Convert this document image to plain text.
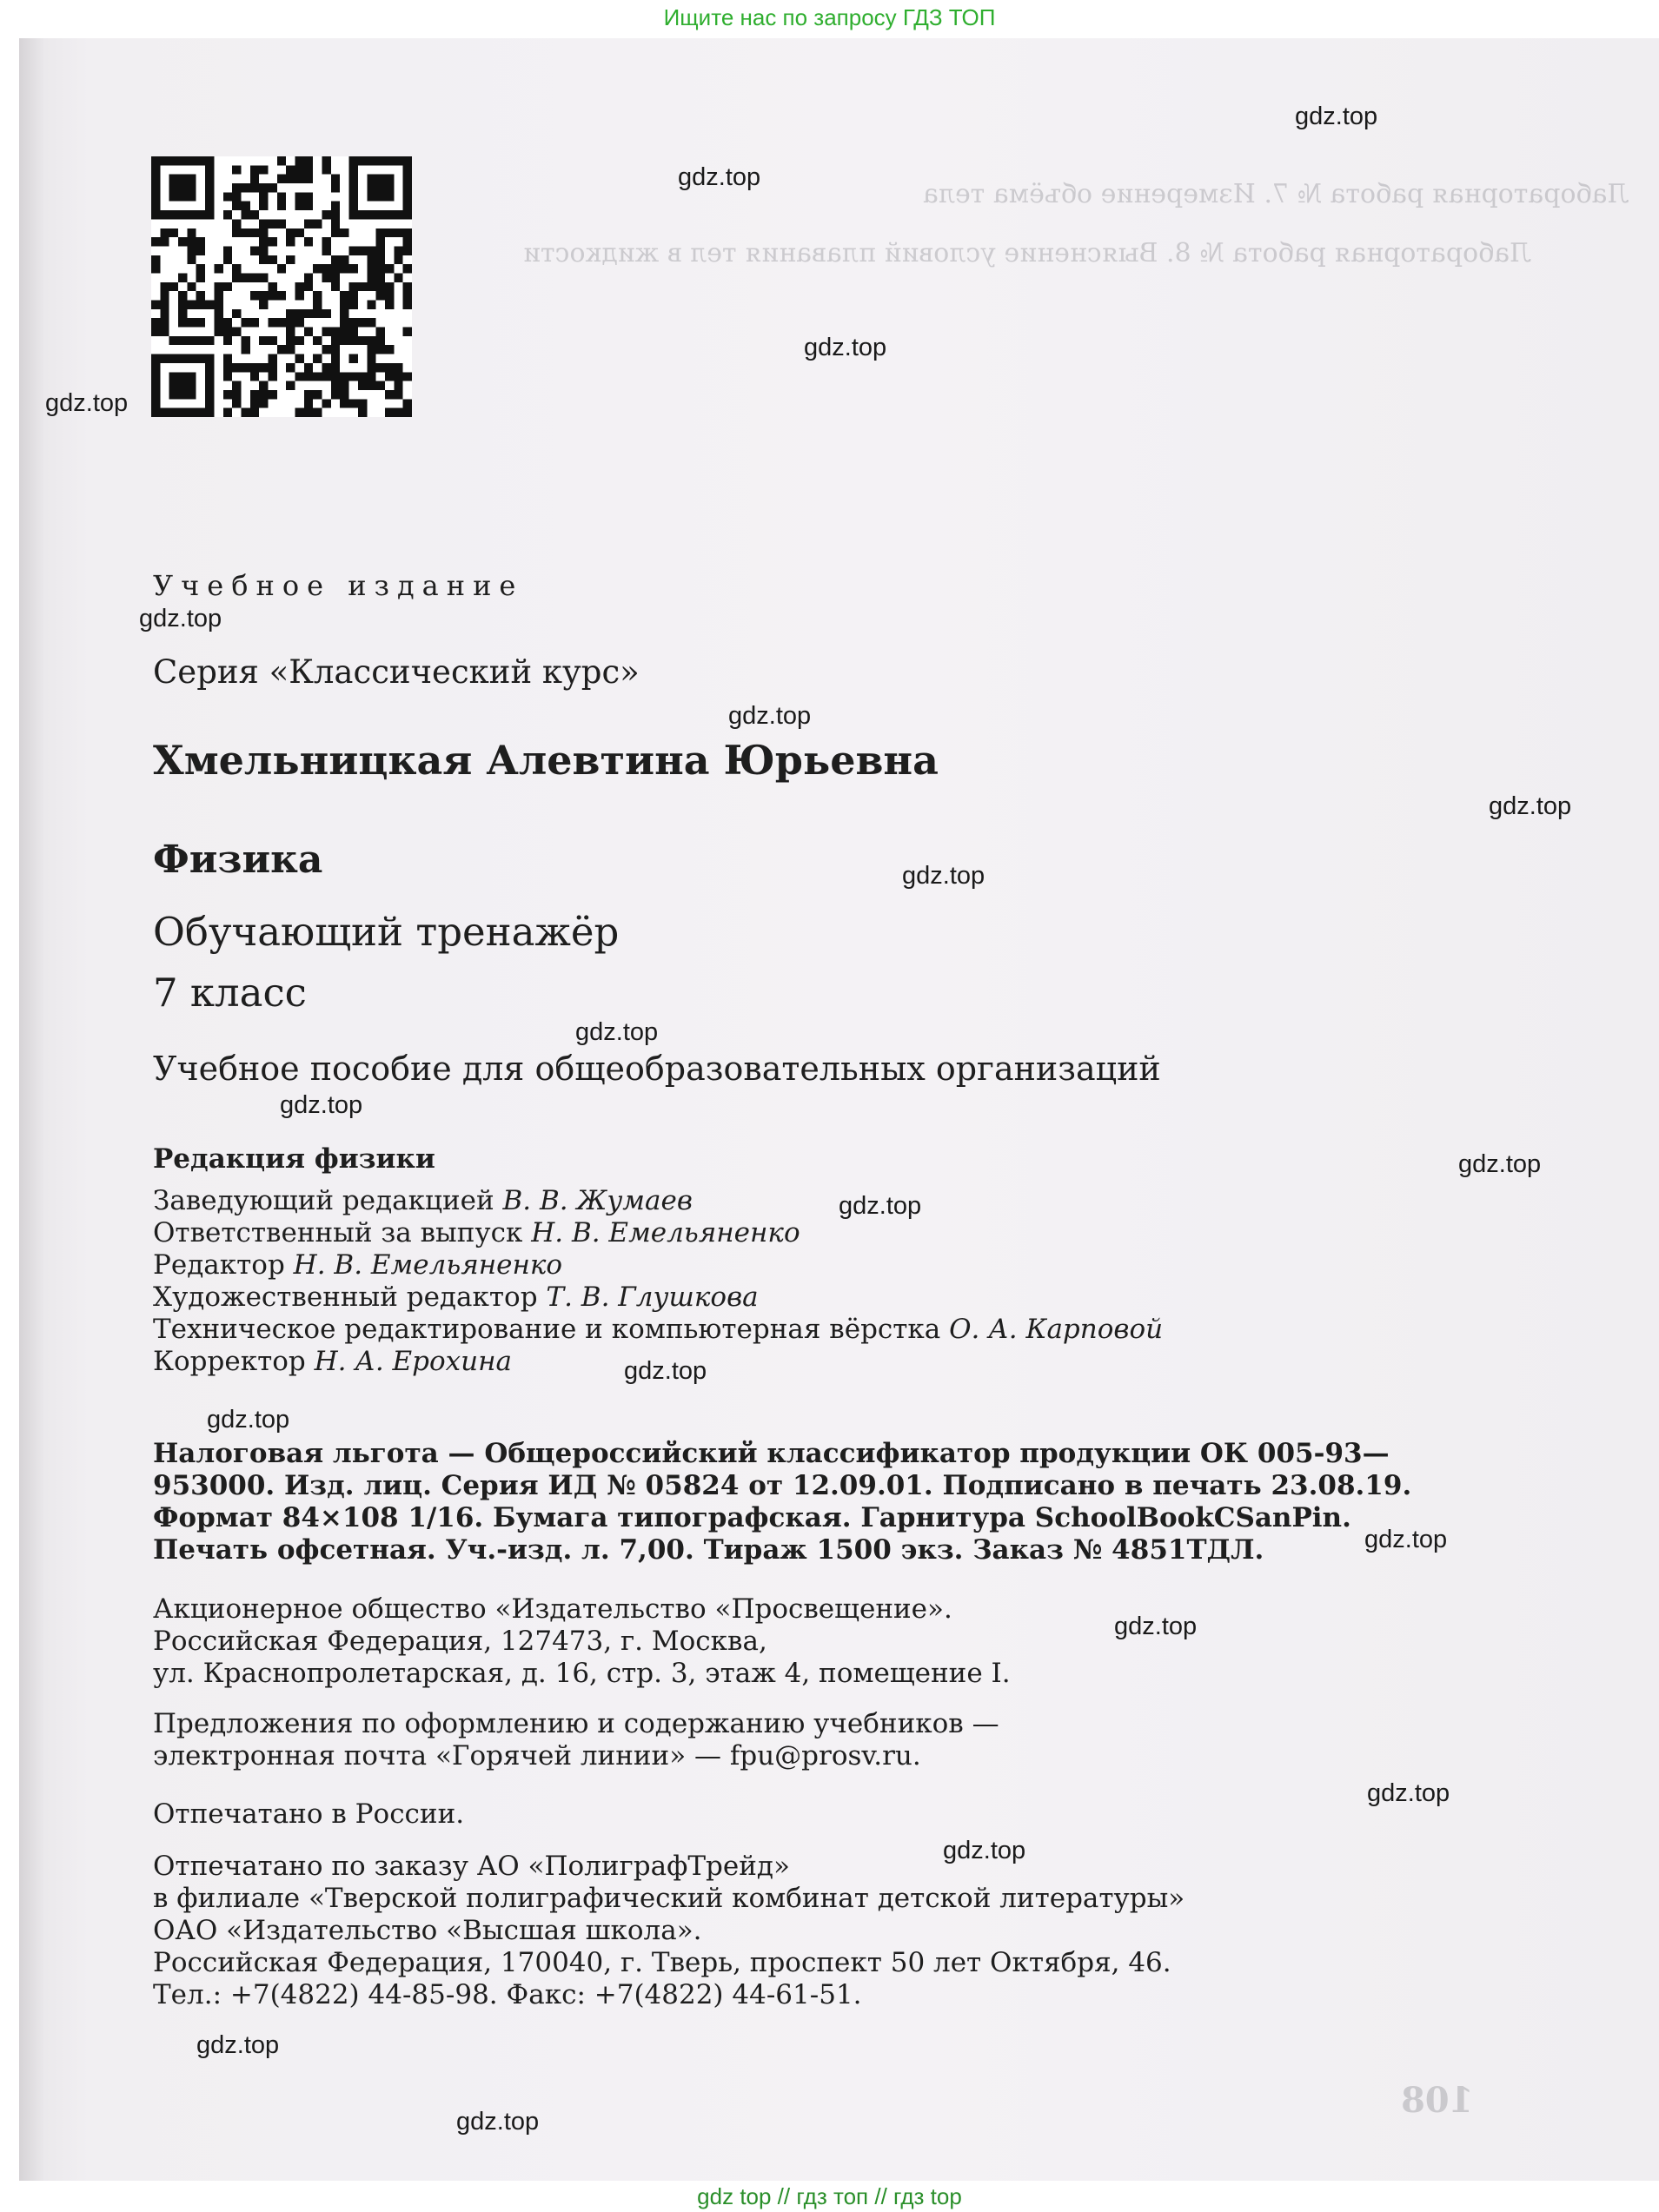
Ищите нас по запросу ГДЗ ТОП
Лабораторная работа № 7. Измерение объёма тела
Лабораторная работа № 8. Выяснение условий плавания тел в жидкости
108
Учебное издание
Серия «Классический курс»
Хмельницкая Алевтина Юрьевна
Физика
Обучающий тренажёр
7 класс
Учебное пособие для общеобразовательных организаций
Редакция физики
Заведующий редакцией В. В. Жумаев
Ответственный за выпуск Н. В. Емельяненко
Редактор Н. В. Емельяненко
Художественный редактор Т. В. Глушкова
Техническое редактирование и компьютерная вёрстка О. А. Карповой
Корректор Н. А. Ерохина
Налоговая льгота — Общероссийский классификатор продукции ОК 005-93—
953000. Изд. лиц. Серия ИД № 05824 от 12.09.01. Подписано в печать 23.08.19.
Формат 84×108 1/16. Бумага типографская. Гарнитура SchoolBookCSanPin.
Печать офсетная. Уч.-изд. л. 7,00. Тираж 1500 экз. Заказ № 4851ТДЛ.
Акционерное общество «Издательство «Просвещение».
Российская Федерация, 127473, г. Москва,
ул. Краснопролетарская, д. 16, стр. 3, этаж 4, помещение I.
Предложения по оформлению и содержанию учебников —
электронная почта «Горячей линии» — fpu@prosv.ru.
Отпечатано в России.
Отпечатано по заказу АО «ПолиграфТрейд»
в филиале «Тверской полиграфический комбинат детской литературы»
ОАО «Издательство «Высшая школа».
Российская Федерация, 170040, г. Тверь, проспект 50 лет Октября, 46.
Тел.: +7(4822) 44-85-98. Факс: +7(4822) 44-61-51.
gdz.top
gdz.top
gdz.top
gdz.top
gdz.top
gdz.top
gdz.top
gdz.top
gdz.top
gdz.top
gdz.top
gdz.top
gdz.top
gdz.top
gdz.top
gdz.top
gdz.top
gdz.top
gdz.top
gdz.top
gdz top // гдз топ // гдз top
